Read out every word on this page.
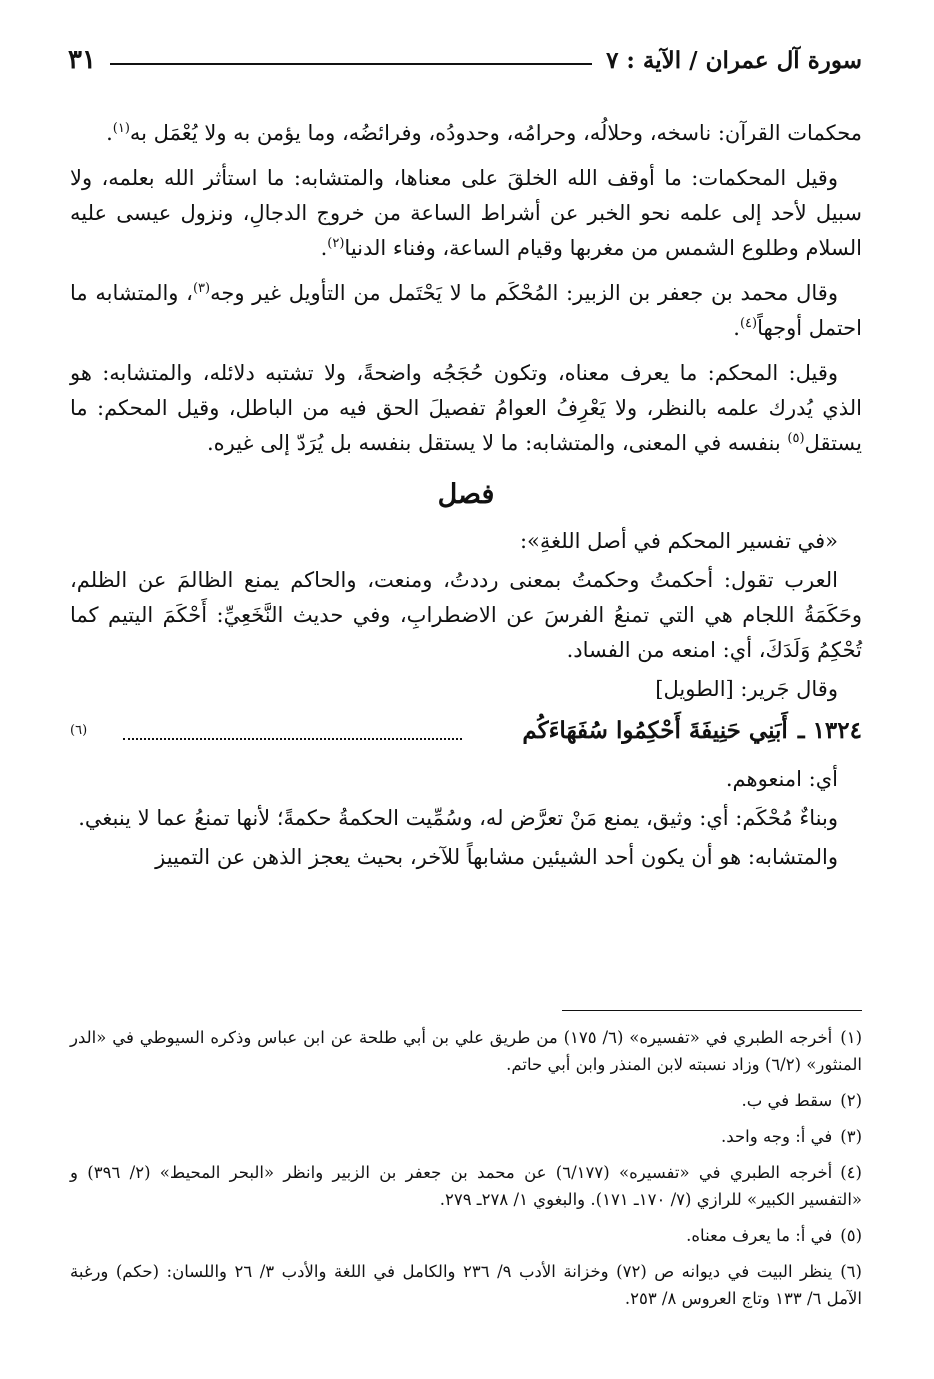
سورة آل عمران / الآية : ٧
٣١

محكمات القرآن: ناسخه، وحلالُه، وحرامُه، وحدودُه، وفرائضُه، وما يؤمن به ولا يُعْمَل به$^{(١)}$.

وقيل المحكمات: ما أوقف الله الخلقَ على معناها، والمتشابه: ما استأثر الله بعلمه، ولا سبيل لأحد إلى علمه نحو الخبر عن أشراط الساعة من خروج الدجالِ، ونزول عيسى عليه السلام وطلوع الشمس من مغربها وقيام الساعة، وفناء الدنيا$^{(٢)}$.

وقال محمد بن جعفر بن الزبير: المُحْكَم ما لا يَحْتَمل من التأويل غير وجه$^{(٣)}$، والمتشابه ما احتمل أوجهاً$^{(٤)}$.

وقيل: المحكم: ما يعرف معناه، وتكون حُجَجُه واضحةً، ولا تشتبه دلائله، والمتشابه: هو الذي يُدرك علمه بالنظر، ولا يَعْرِفُ العوامُ تفصيلَ الحق فيه من الباطل، وقيل المحكم: ما يستقل$^{(٥)}$ بنفسه في المعنى، والمتشابه: ما لا يستقل بنفسه بل يُرَدّ إلى غيره.

فصل

«في تفسير المحكم في أصل اللغةِ»:

العرب تقول: أحكمتُ وحكمتُ بمعنى رددتُ، ومنعت، والحاكم يمنع الظالمَ عن الظلم، وحَكَمَةُ اللجام هي التي تمنعُ الفرسَ عن الاضطرابِ، وفي حديث النَّخَعِيِّ: أَحْكَمَ اليتيم كما تُحْكِمُ وَلَدَكَ، أي: امنعه من الفساد.

وقال جَرير: [الطويل]

١٣٢٤ ـ
أَبَنِي حَنِيفَةَ أَحْكِمُوا سُفَهَاءَكُم
(٦)

أي: امنعوهم.

وبناءٌ مُحْكَم: أي: وثيق، يمنع مَنْ تعرَّض له، وسُمِّيت الحكمةُ حكمةً؛ لأنها تمنعُ عما لا ينبغي.

والمتشابه: هو أن يكون أحد الشيئين مشابهاً للآخر، بحيث يعجز الذهن عن التمييز

(١)أخرجه الطبري في «تفسيره» (٦/ ١٧٥) من طريق علي بن أبي طلحة عن ابن عباس وذكره السيوطي في «الدر المنثور» (٦/٢) وزاد نسبته لابن المنذر وابن أبي حاتم.
(٢)سقط في ب.
(٣)في أ: وجه واحد.
(٤)أخرجه الطبري في «تفسيره» (٦/١٧٧) عن محمد بن جعفر بن الزبير وانظر «البحر المحيط» (٢/ ٣٩٦) و «التفسير الكبير» للرازي (٧/ ١٧٠ـ ١٧١). والبغوي ١/ ٢٧٨ـ ٢٧٩.
(٥)في أ: ما يعرف معناه.
(٦)ينظر البيت في ديوانه ص (٧٢) وخزانة الأدب ٩/ ٢٣٦ والكامل في اللغة والأدب ٣/ ٢٦ واللسان: (حكم) ورغبة الآمل ٦/ ١٣٣ وتاج العروس ٨/ ٢٥٣.
